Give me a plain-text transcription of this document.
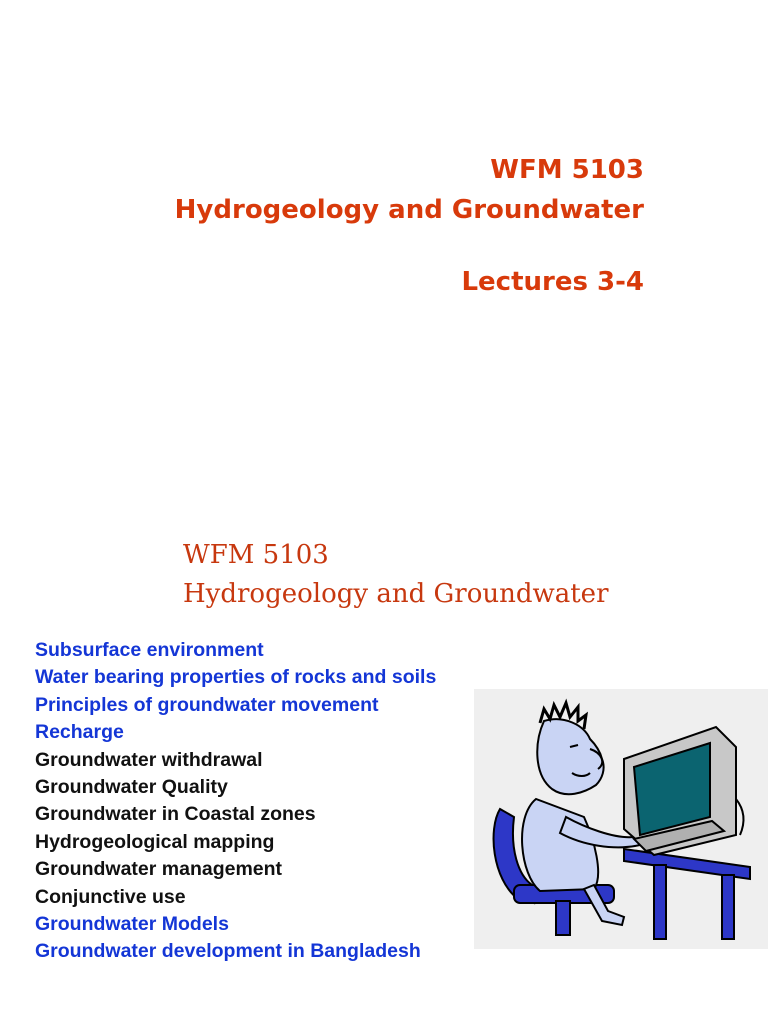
WFM 5103
Hydrogeology and Groundwater
Lectures 3-4
WFM 5103
Hydrogeology and Groundwater
Subsurface environment
Water bearing properties of rocks and soils
Principles of groundwater movement
Recharge
Groundwater withdrawal
Groundwater Quality
Groundwater in Coastal zones
Hydrogeological mapping
Groundwater management
Conjunctive use
Groundwater Models
Groundwater development in Bangladesh
